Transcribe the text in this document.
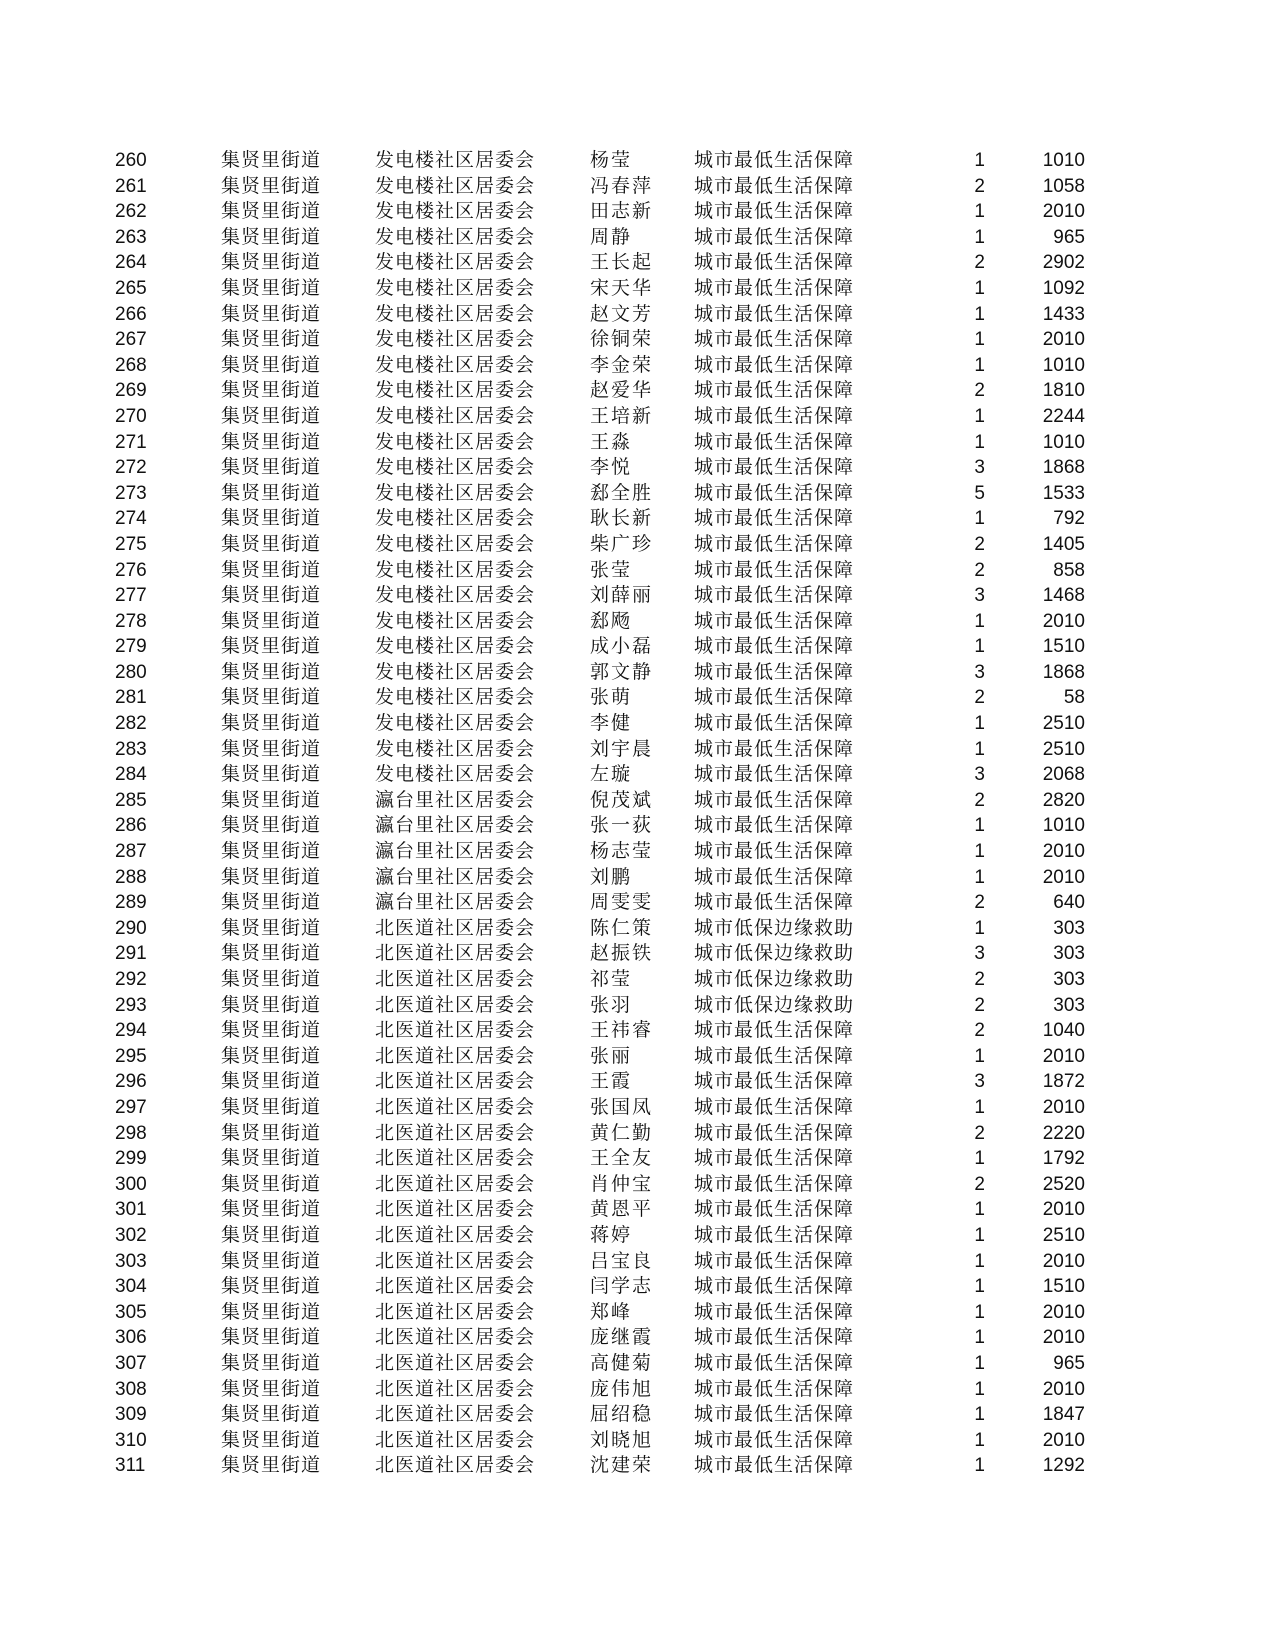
260	集贤里街道	发电楼社区居委会	杨莹	城市最低生活保障	1	1010
261	集贤里街道	发电楼社区居委会	冯春萍 城市最低生活保障	2	1058
262	集贤里街道	发电楼社区居委会	田志新 城市最低生活保障	1	2010
263	集贤里街道	发电楼社区居委会	周静	城市最低生活保障	1	965
264	集贤里街道	发电楼社区居委会	王长起 城市最低生活保障	2	2902
265	集贤里街道	发电楼社区居委会	宋天华 城市最低生活保障	1	1092
266	集贤里街道	发电楼社区居委会	赵文芳 城市最低生活保障	1	1433
267	集贤里街道	发电楼社区居委会	徐铜荣 城市最低生活保障	1	2010
268	集贤里街道	发电楼社区居委会	李金荣 城市最低生活保障	1	1010
269	集贤里街道	发电楼社区居委会	赵爱华 城市最低生活保障	2	1810
270	集贤里街道	发电楼社区居委会	王培新 城市最低生活保障	1	2244
271	集贤里街道	发电楼社区居委会	王淼	城市最低生活保障	1	1010
272	集贤里街道	发电楼社区居委会	李悦	城市最低生活保障	3	1868
273	集贤里街道	发电楼社区居委会	郄全胜 城市最低生活保障	5	1533
274	集贤里街道	发电楼社区居委会	耿长新 城市最低生活保障	1	792
275	集贤里街道	发电楼社区居委会	柴广珍 城市最低生活保障	2	1405
276	集贤里街道	发电楼社区居委会	张莹	城市最低生活保障	2	858
277	集贤里街道	发电楼社区居委会	刘薛丽 城市最低生活保障	3	1468
278	集贤里街道	发电楼社区居委会	郄飏	城市最低生活保障	1	2010
279	集贤里街道	发电楼社区居委会	成小磊 城市最低生活保障	1	1510
280	集贤里街道	发电楼社区居委会	郭文静 城市最低生活保障	3	1868
281	集贤里街道	发电楼社区居委会	张萌	城市最低生活保障	2	58
282	集贤里街道	发电楼社区居委会	李健	城市最低生活保障	1	2510
283	集贤里街道	发电楼社区居委会	刘宇晨 城市最低生活保障	1	2510
284	集贤里街道	发电楼社区居委会	左璇	城市最低生活保障	3	2068
285	集贤里街道	瀛台里社区居委会	倪茂斌 城市最低生活保障	2	2820
286	集贤里街道	瀛台里社区居委会	张一荻 城市最低生活保障	1	1010
287	集贤里街道	瀛台里社区居委会	杨志莹 城市最低生活保障	1	2010
288	集贤里街道	瀛台里社区居委会	刘鹏	城市最低生活保障	1	2010
289	集贤里街道	瀛台里社区居委会	周雯雯 城市最低生活保障	2	640
290	集贤里街道	北医道社区居委会	陈仁策 城市低保边缘救助	1	303
291	集贤里街道	北医道社区居委会	赵振铁 城市低保边缘救助	3	303
292	集贤里街道	北医道社区居委会	祁莹	城市低保边缘救助	2	303
293	集贤里街道	北医道社区居委会	张羽	城市低保边缘救助	2	303
294	集贤里街道	北医道社区居委会	王祎睿 城市最低生活保障	2	1040
295	集贤里街道	北医道社区居委会	张丽	城市最低生活保障	1	2010
296	集贤里街道	北医道社区居委会	王霞	城市最低生活保障	3	1872
297	集贤里街道	北医道社区居委会	张国凤 城市最低生活保障	1	2010
298	集贤里街道	北医道社区居委会	黄仁勤 城市最低生活保障	2	2220
299	集贤里街道	北医道社区居委会	王全友 城市最低生活保障	1	1792
300	集贤里街道	北医道社区居委会	肖仲宝 城市最低生活保障	2	2520
301	集贤里街道	北医道社区居委会	黄恩平 城市最低生活保障	1	2010
302	集贤里街道	北医道社区居委会	蒋婷	城市最低生活保障	1	2510
303	集贤里街道	北医道社区居委会	吕宝良 城市最低生活保障	1	2010
304	集贤里街道	北医道社区居委会	闫学志 城市最低生活保障	1	1510
305	集贤里街道	北医道社区居委会	郑峰	城市最低生活保障	1	2010
306	集贤里街道	北医道社区居委会	庞继霞 城市最低生活保障	1	2010
307	集贤里街道	北医道社区居委会	高健菊 城市最低生活保障	1	965
308	集贤里街道	北医道社区居委会	庞伟旭 城市最低生活保障	1	2010
309	集贤里街道	北医道社区居委会	屈绍稳 城市最低生活保障	1	1847
310	集贤里街道	北医道社区居委会	刘晓旭 城市最低生活保障	1	2010
311	集贤里街道	北医道社区居委会	沈建荣 城市最低生活保障	1	1292
